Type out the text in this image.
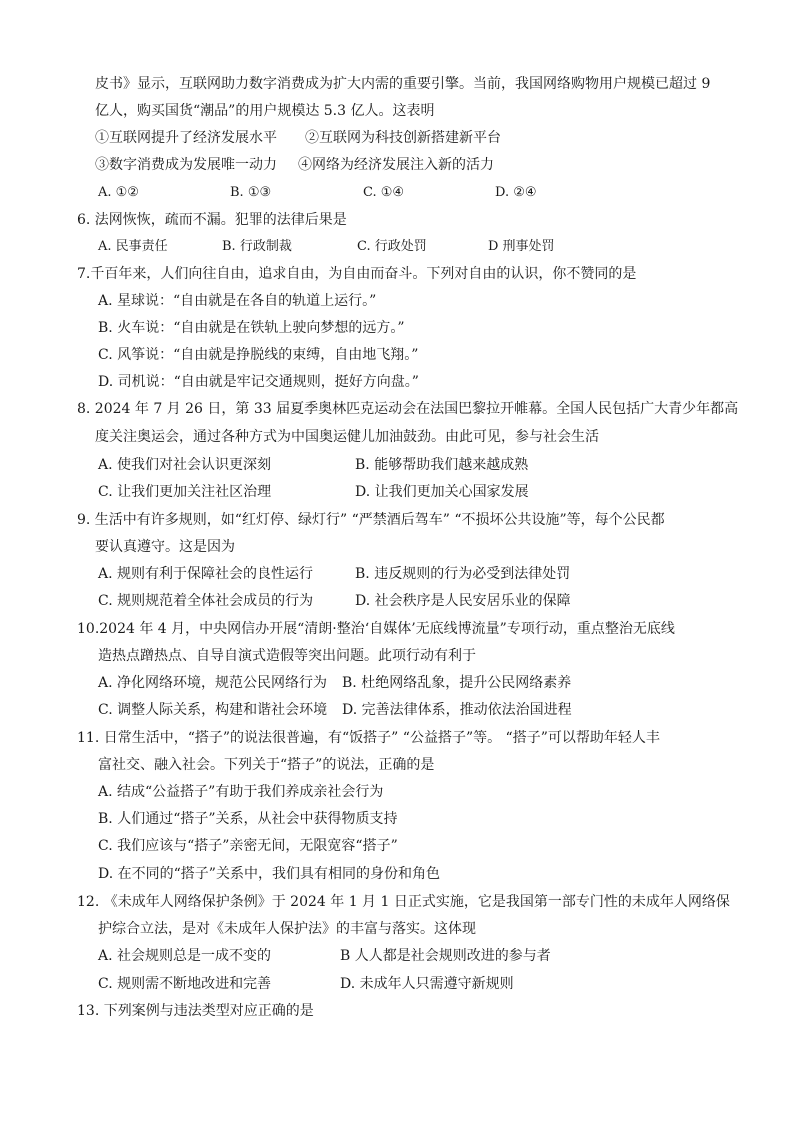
皮书》显示，互联网助力数字消费成为扩大内需的重要引擎。当前，我国网络购物用户规模已超过 9
亿人，购买国货“潮品”的用户规模达 5.3 亿人。这表明
①互联网提升了经济发展水平 ②互联网为科技创新搭建新平台
③数字消费成为发展唯一动力 ④网络为经济发展注入新的活力
A. ①②	B. ①③	C. ①④	D. ②④
6. 法网恢恢，疏而不漏。犯罪的法律后果是
A. 民事责任	B. 行政制裁	C. 行政处罚	D 刑事处罚
7.千百年来，人们向往自由，追求自由，为自由而奋斗。下列对自由的认识，你不赞同的是
A. 星球说：“自由就是在各自的轨道上运行。”
B. 火车说：“自由就是在铁轨上驶向梦想的远方。”
C. 风筝说：“自由就是挣脱线的束缚，自由地飞翔。”
D. 司机说：“自由就是牢记交通规则，挺好方向盘。”
8. 2024 年 7 月 26 日，第 33 届夏季奥林匹克运动会在法国巴黎拉开帷幕。全国人民包括广大青少年都高
度关注奥运会，通过各种方式为中国奥运健儿加油鼓劲。由此可见，参与社会生活
A. 使我们对社会认识更深刻	B. 能够帮助我们越来越成熟
C. 让我们更加关注社区治理	D. 让我们更加关心国家发展
9. 生活中有许多规则，如“红灯停、绿灯行” “严禁酒后驾车” “不损坏公共设施”等，每个公民都
要认真遵守。这是因为
A. 规则有利于保障社会的良性运行	B. 违反规则的行为必受到法律处罚
C. 规则规范着全体社会成员的行为	D. 社会秩序是人民安居乐业的保障
10.2024 年 4 月，中央网信办开展“清朗·整治‘自媒体’无底线博流量”专项行动，重点整治无底线
造热点蹭热点、自导自演式造假等突出问题。此项行动有利于
A. 净化网络环境，规范公民网络行为 B. 杜绝网络乱象，提升公民网络素养
C. 调整人际关系，构建和谐社会环境 D. 完善法律体系，推动依法治国进程
11. 日常生活中，“搭子”的说法很普遍，有“饭搭子” “公益搭子”等。 “搭子”可以帮助年轻人丰
富社交、融入社会。下列关于“搭子”的说法，正确的是
A. 结成“公益搭子”有助于我们养成亲社会行为
B. 人们通过“搭子”关系，从社会中获得物质支持
C. 我们应该与“搭子”亲密无间，无限宽容“搭子”
D. 在不同的“搭子”关系中，我们具有相同的身份和角色
12. 《未成年人网络保护条例》于 2024 年 1 月 1 日正式实施，它是我国第一部专门性的未成年人网络保
护综合立法，是对《未成年人保护法》的丰富与落实。这体现
A. 社会规则总是一成不变的	B 人人都是社会规则改进的参与者
C. 规则需不断地改进和完善	D. 未成年人只需遵守新规则
13. 下列案例与违法类型对应正确的是
